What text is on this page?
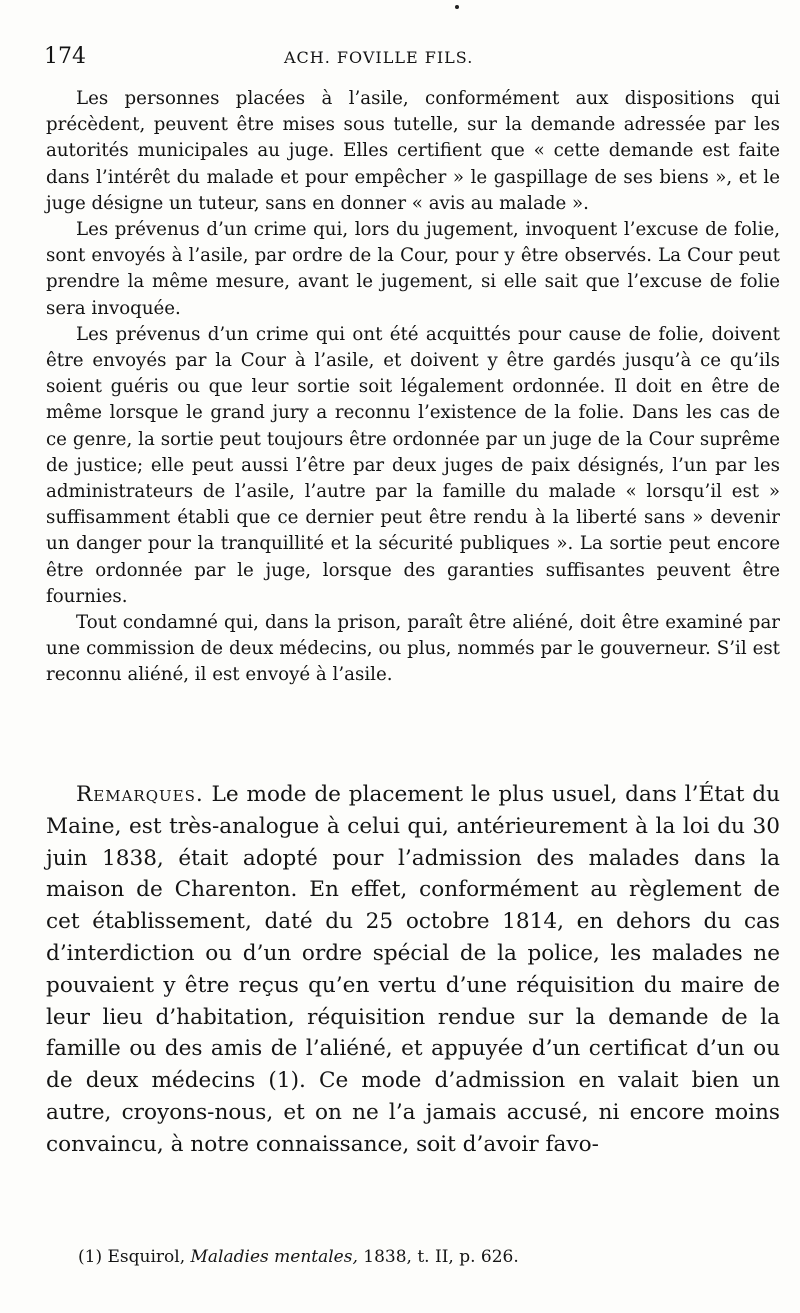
174	ACH. FOVILLE FILS.

Les personnes placées à l’asile, conformément aux dispositions qui précèdent, peuvent être mises sous tutelle, sur la demande adressée par les autorités municipales au juge. Elles certifient que « cette demande est faite dans l’intérêt du malade et pour empêcher » le gaspillage de ses biens », et le juge désigne un tuteur, sans en donner « avis au malade ».

Les prévenus d’un crime qui, lors du jugement, invoquent l’excuse de folie, sont envoyés à l’asile, par ordre de la Cour, pour y être observés. La Cour peut prendre la même mesure, avant le jugement, si elle sait que l’excuse de folie sera invoquée.

Les prévenus d’un crime qui ont été acquittés pour cause de folie, doivent être envoyés par la Cour à l’asile, et doivent y être gardés jusqu’à ce qu’ils soient guéris ou que leur sortie soit légalement ordonnée. Il doit en être de même lorsque le grand jury a reconnu l’existence de la folie. Dans les cas de ce genre, la sortie peut toujours être ordonnée par un juge de la Cour suprême de justice; elle peut aussi l’être par deux juges de paix désignés, l’un par les administrateurs de l’asile, l’autre par la famille du malade « lorsqu’il est » suffisamment établi que ce dernier peut être rendu à la liberté sans » devenir un danger pour la tranquillité et la sécurité publiques ». La sortie peut encore être ordonnée par le juge, lorsque des garanties suffisantes peuvent être fournies.

Tout condamné qui, dans la prison, paraît être aliéné, doit être examiné par une commission de deux médecins, ou plus, nommés par le gouverneur. S’il est reconnu aliéné, il est envoyé à l’asile.

Remarques. Le mode de placement le plus usuel, dans l’État du Maine, est très-analogue à celui qui, antérieurement à la loi du 30 juin 1838, était adopté pour l’admission des malades dans la maison de Charenton. En effet, conformément au règlement de cet établissement, daté du 25 octobre 1814, en dehors du cas d’interdiction ou d’un ordre spécial de la police, les malades ne pouvaient y être reçus qu’en vertu d’une réquisition du maire de leur lieu d’habitation, réquisition rendue sur la demande de la famille ou des amis de l’aliéné, et appuyée d’un certificat d’un ou de deux médecins (1). Ce mode d’admission en valait bien un autre, croyons-nous, et on ne l’a jamais accusé, ni encore moins convaincu, à notre connaissance, soit d’avoir favo-

(1) Esquirol, Maladies mentales, 1838, t. II, p. 626.
